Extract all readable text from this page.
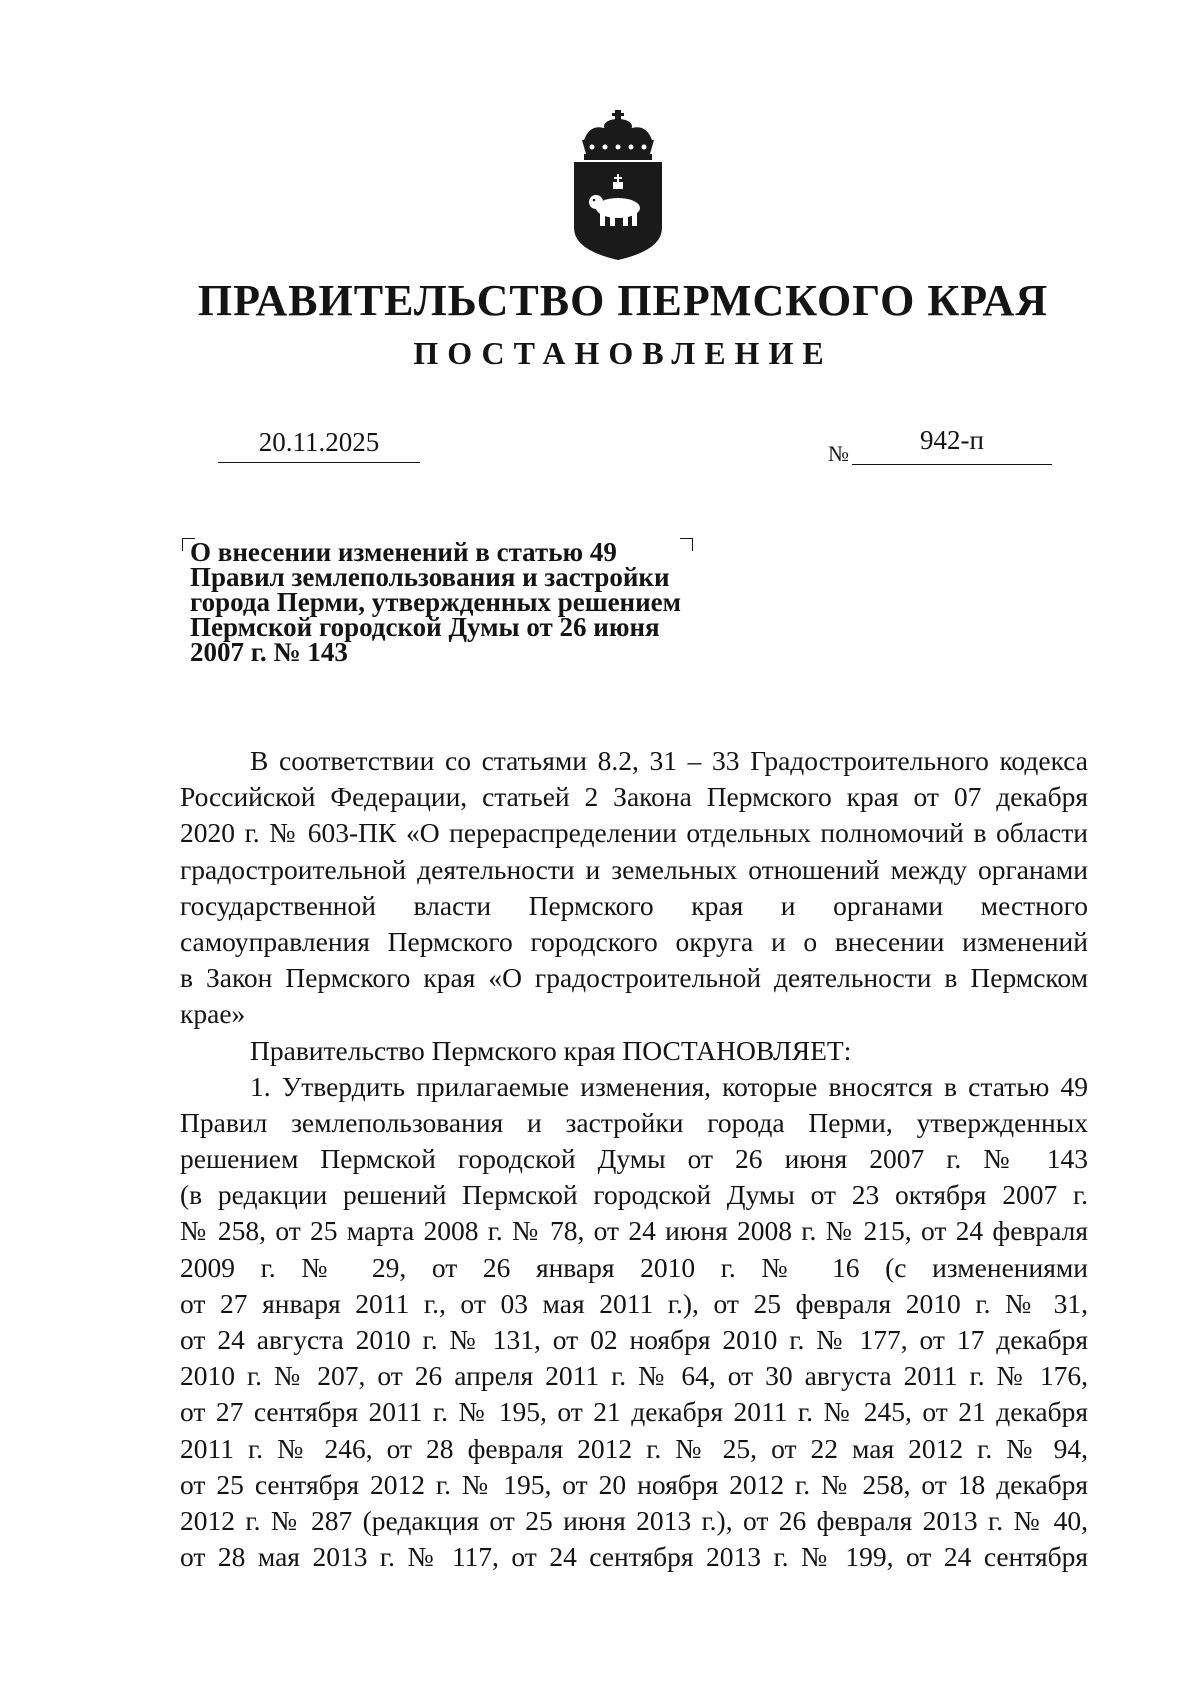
ПРАВИТЕЛЬСТВО ПЕРМСКОГО КРАЯ
ПОСТАНОВЛЕНИЕ
20.11.2025	№	942-п
О внесении изменений в статью 49
Правил землепользования и застройки
города Перми, утвержденных решением
Пермской городской Думы от 26 июня
2007 г. № 143
В соответствии со статьями 8.2, 31 – 33 Градостроительного кодекса
Российской Федерации, статьей 2 Закона Пермского края от 07 декабря
2020 г. № 603-ПК «О перераспределении отдельных полномочий в области
градостроительной деятельности и земельных отношений между органами
государственной власти Пермского края и органами местного
самоуправления Пермского городского округа и о внесении изменений
в Закон Пермского края «О градостроительной деятельности в Пермском
крае»
Правительство Пермского края ПОСТАНОВЛЯЕТ:
1. Утвердить прилагаемые изменения, которые вносятся в статью 49
Правил землепользования и застройки города Перми, утвержденных
решением Пермской городской Думы от 26 июня 2007 г. № 143
(в редакции решений Пермской городской Думы от 23 октября 2007 г.
№ 258, от 25 марта 2008 г. № 78, от 24 июня 2008 г. № 215, от 24 февраля
2009 г. № 29, от 26 января 2010 г. № 16 (с изменениями
от 27 января 2011 г., от 03 мая 2011 г.), от 25 февраля 2010 г. № 31,
от 24 августа 2010 г. № 131, от 02 ноября 2010 г. № 177, от 17 декабря
2010 г. № 207, от 26 апреля 2011 г. № 64, от 30 августа 2011 г. № 176,
от 27 сентября 2011 г. № 195, от 21 декабря 2011 г. № 245, от 21 декабря
2011 г. № 246, от 28 февраля 2012 г. № 25, от 22 мая 2012 г. № 94,
от 25 сентября 2012 г. № 195, от 20 ноября 2012 г. № 258, от 18 декабря
2012 г. № 287 (редакция от 25 июня 2013 г.), от 26 февраля 2013 г. № 40,
от 28 мая 2013 г. № 117, от 24 сентября 2013 г. № 199, от 24 сентября
